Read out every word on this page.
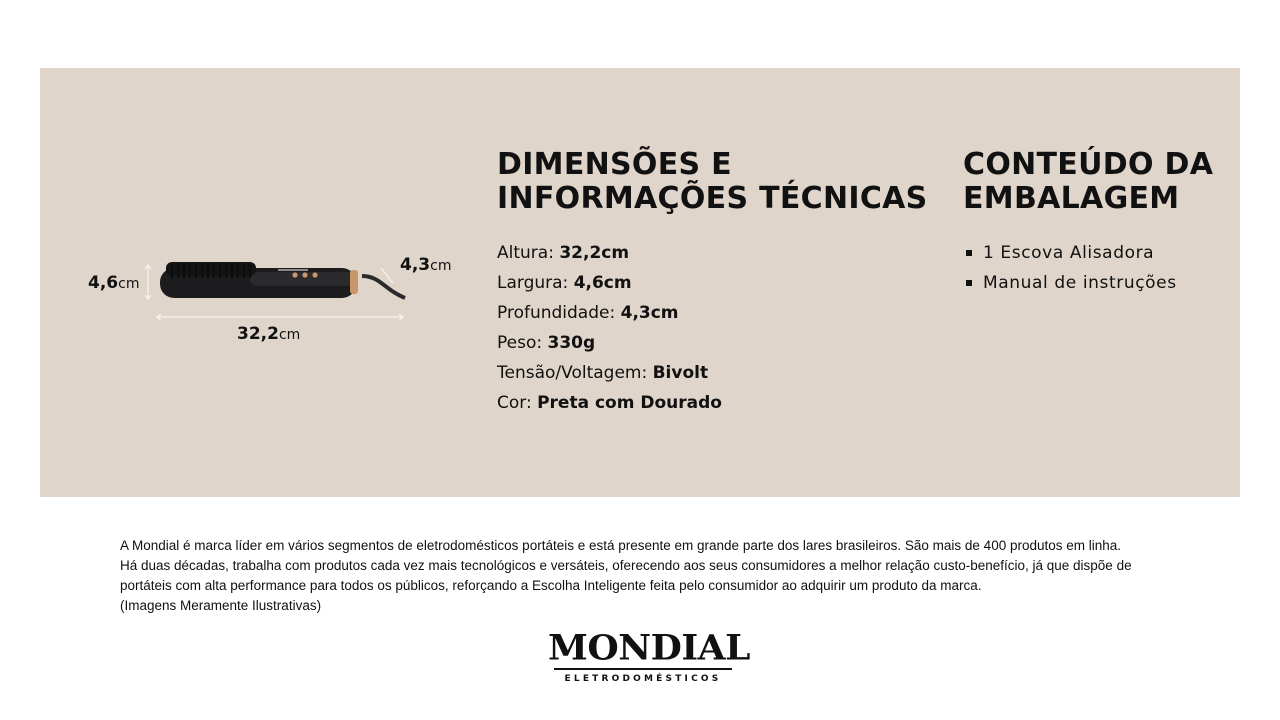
4,6cm
4,3cm
32,2cm
DIMENSÕES E
INFORMAÇÕES TÉCNICAS
Altura: 32,2cm
Largura: 4,6cm
Profundidade: 4,3cm
Peso: 330g
Tensão/Voltagem: Bivolt
Cor: Preta com Dourado
CONTEÚDO DA
EMBALAGEM
1 Escova Alisadora
Manual de instruções

A Mondial é marca líder em vários segmentos de eletrodomésticos portáteis e está presente em grande parte dos lares brasileiros. São mais de 400 produtos em linha.

Há duas décadas, trabalha com produtos cada vez mais tecnológicos e versáteis, oferecendo aos seus consumidores a melhor relação custo-benefício, já que dispõe de portáteis com alta performance para todos os públicos, reforçando a Escolha Inteligente feita pelo consumidor ao adquirir um produto da marca.

(Imagens Meramente Ilustrativas)

MONDIAL
ELETRODOMÉSTICOS
